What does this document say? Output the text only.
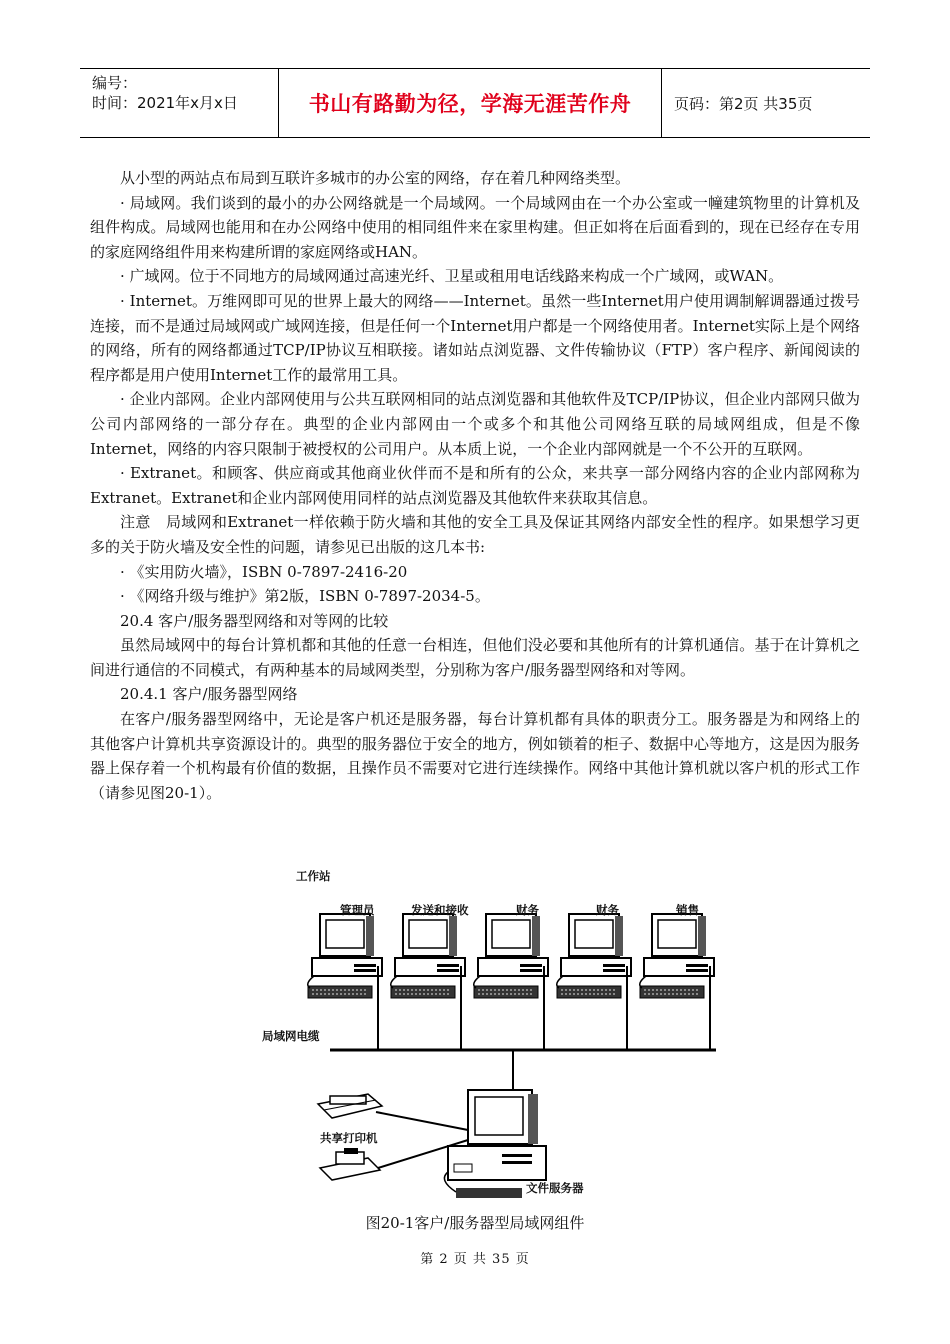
编号：
时间：2021年x月x日	书山有路勤为径，学海无涯苦作舟	页码：第2页 共35页

从小型的两站点布局到互联许多城市的办公室的网络，存在着几种网络类型。

· 局域网。我们谈到的最小的办公网络就是一个局域网。一个局域网由在一个办公室或一幢建筑物里的计算机及组件构成。局域网也能用和在办公网络中使用的相同组件来在家里构建。但正如将在后面看到的，现在已经存在专用的家庭网络组件用来构建所谓的家庭网络或HAN。

· 广域网。位于不同地方的局域网通过高速光纤、卫星或租用电话线路来构成一个广域网，或WAN。

· Internet。万维网即可见的世界上最大的网络——Internet。虽然一些Internet用户使用调制解调器通过拨号连接，而不是通过局域网或广域网连接，但是任何一个Internet用户都是一个网络使用者。Internet实际上是个网络的网络，所有的网络都通过TCP/IP协议互相联接。诸如站点浏览器、文件传输协议（FTP）客户程序、新闻阅读的程序都是用户使用Internet工作的最常用工具。

· 企业内部网。企业内部网使用与公共互联网相同的站点浏览器和其他软件及TCP/IP协议，但企业内部网只做为公司内部网络的一部分存在。典型的企业内部网由一个或多个和其他公司网络互联的局域网组成，但是不像Internet，网络的内容只限制于被授权的公司用户。从本质上说，一个企业内部网就是一个不公开的互联网。

· Extranet。和顾客、供应商或其他商业伙伴而不是和所有的公众，来共享一部分网络内容的企业内部网称为Extranet。Extranet和企业内部网使用同样的站点浏览器及其他软件来获取其信息。

注意　局域网和Extranet一样依赖于防火墙和其他的安全工具及保证其网络内部安全性的程序。如果想学习更多的关于防火墙及安全性的问题，请参见已出版的这几本书:

· 《实用防火墙》，ISBN 0-7897-2416-20

· 《网络升级与维护》第2版，ISBN 0-7897-2034-5。

20.4 客户/服务器型网络和对等网的比较

虽然局域网中的每台计算机都和其他的任意一台相连，但他们没必要和其他所有的计算机通信。基于在计算机之间进行通信的不同模式，有两种基本的局域网类型，分别称为客户/服务器型网络和对等网。

20.4.1 客户/服务器型网络

在客户/服务器型网络中，无论是客户机还是服务器，每台计算机都有具体的职责分工。服务器是为和网络上的其他客户计算机共享资源设计的。典型的服务器位于安全的地方，例如锁着的柜子、数据中心等地方，这是因为服务器上保存着一个机构最有价值的数据，且操作员不需要对它进行连续操作。网络中其他计算机就以客户机的形式工作（请参见图20-1）。

工作站
管理员	发送和接收	财务	财务	销售
局域网电缆
共享打印机
文件服务器
图20-1客户/服务器型局域网组件
第 2 页 共 35 页
